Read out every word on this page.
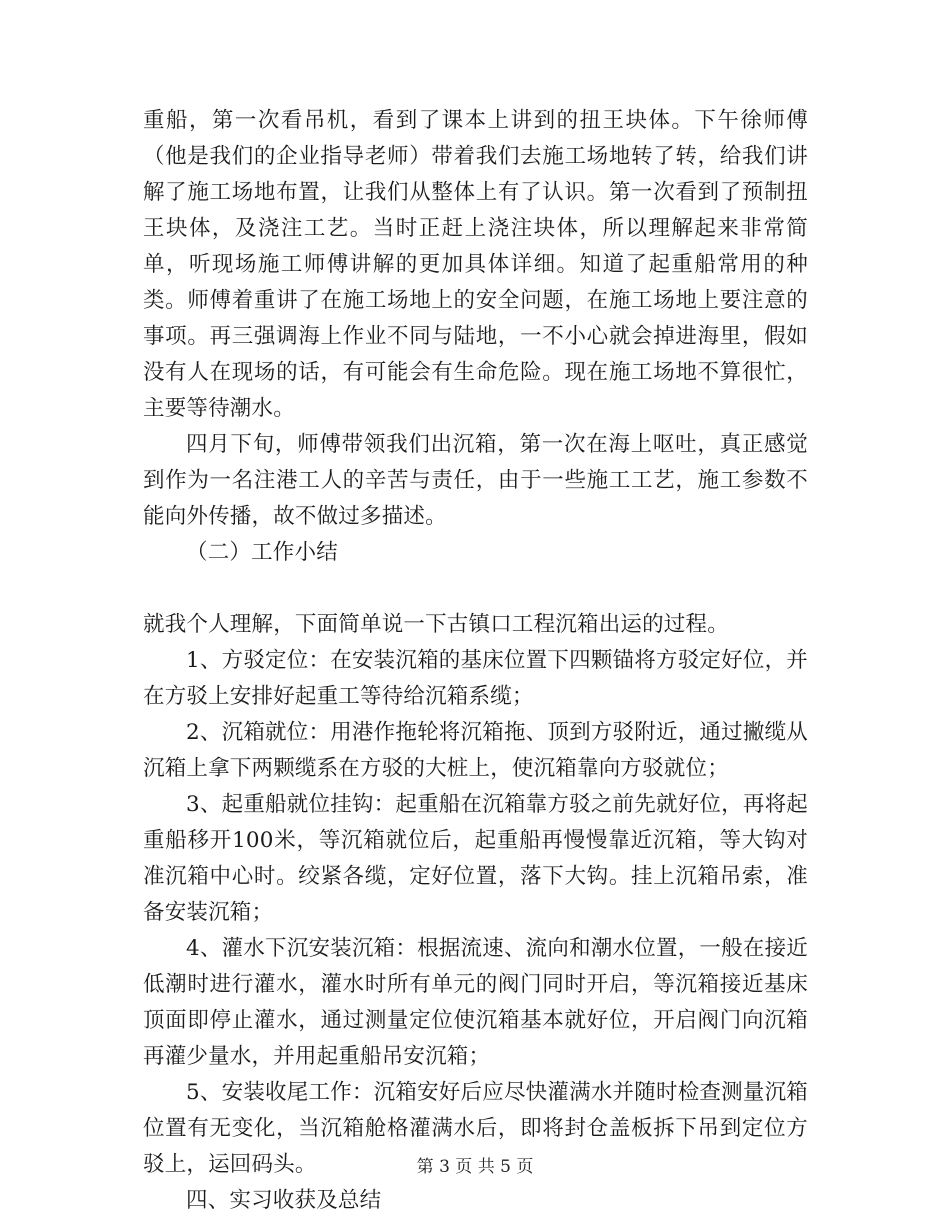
重船，第一次看吊机，看到了课本上讲到的扭王块体。下午徐师傅（他是我们的企业指导老师）带着我们去施工场地转了转，给我们讲解了施工场地布置，让我们从整体上有了认识。第一次看到了预制扭王块体，及浇注工艺。当时正赶上浇注块体，所以理解起来非常简单，听现场施工师傅讲解的更加具体详细。知道了起重船常用的种类。师傅着重讲了在施工场地上的安全问题，在施工场地上要注意的事项。再三强调海上作业不同与陆地，一不小心就会掉进海里，假如没有人在现场的话，有可能会有生命危险。现在施工场地不算很忙，主要等待潮水。

四月下旬，师傅带领我们出沉箱，第一次在海上呕吐，真正感觉到作为一名注港工人的辛苦与责任，由于一些施工工艺，施工参数不能向外传播，故不做过多描述。

（二）工作小结

就我个人理解，下面简单说一下古镇口工程沉箱出运的过程。

1、方驳定位：在安装沉箱的基床位置下四颗锚将方驳定好位，并在方驳上安排好起重工等待给沉箱系缆；

2、沉箱就位：用港作拖轮将沉箱拖、顶到方驳附近，通过撇缆从沉箱上拿下两颗缆系在方驳的大桩上，使沉箱靠向方驳就位；

3、起重船就位挂钩：起重船在沉箱靠方驳之前先就好位，再将起重船移开100米，等沉箱就位后，起重船再慢慢靠近沉箱，等大钩对准沉箱中心时。绞紧各缆，定好位置，落下大钩。挂上沉箱吊索，准备安装沉箱；

4、灌水下沉安装沉箱：根据流速、流向和潮水位置，一般在接近低潮时进行灌水，灌水时所有单元的阀门同时开启，等沉箱接近基床顶面即停止灌水，通过测量定位使沉箱基本就好位，开启阀门向沉箱再灌少量水，并用起重船吊安沉箱；

5、安装收尾工作：沉箱安好后应尽快灌满水并随时检查测量沉箱位置有无变化，当沉箱舱格灌满水后，即将封仓盖板拆下吊到定位方驳上，运回码头。

四、实习收获及总结

第 3 页 共 5 页
